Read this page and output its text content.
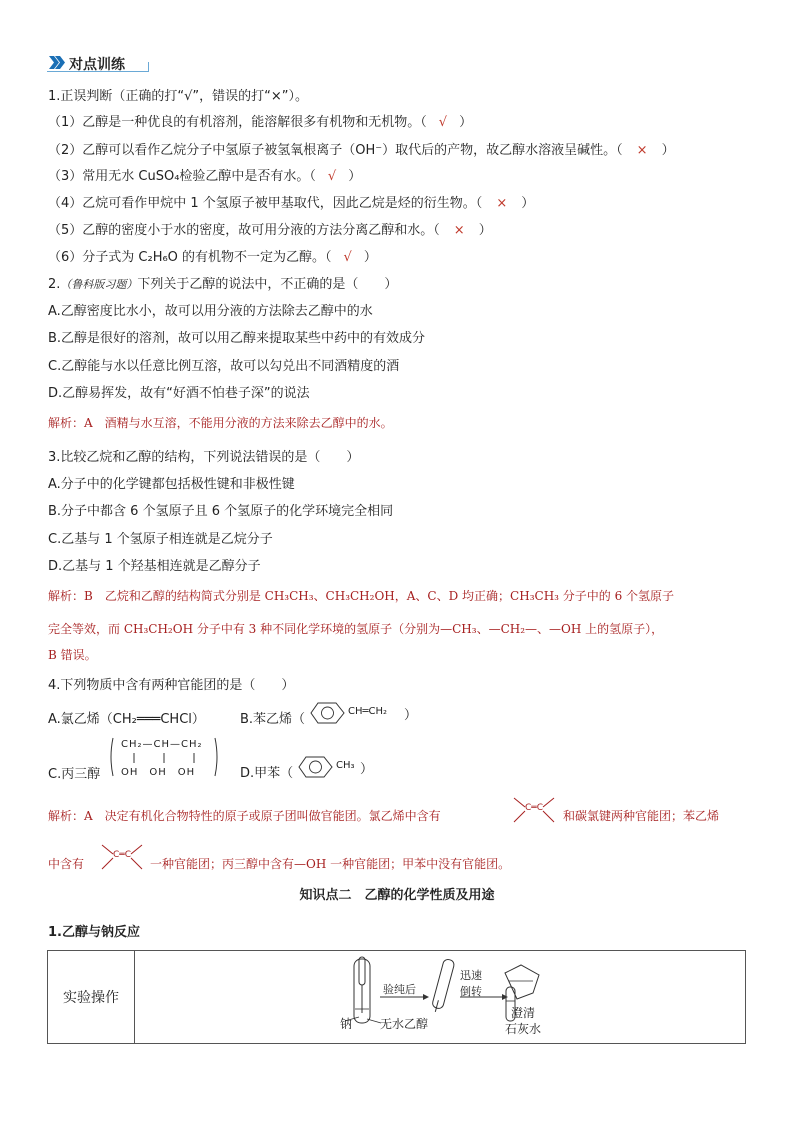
对点训练
1.正误判断（正确的打“√”，错误的打“×”）。
（1）乙醇是一种优良的有机溶剂，能溶解很多有机物和无机物。（ √ ）
（2）乙醇可以看作乙烷分子中氢原子被氢氧根离子（OH⁻）取代后的产物，故乙醇水溶液呈碱性。（ × ）
（3）常用无水 CuSO₄检验乙醇中是否有水。（ √ ）
（4）乙烷可看作甲烷中 1 个氢原子被甲基取代，因此乙烷是烃的衍生物。（ × ）
（5）乙醇的密度小于水的密度，故可用分液的方法分离乙醇和水。（ × ）
（6）分子式为 C₂H₆O 的有机物不一定为乙醇。（ √ ）
2.（鲁科版习题）下列关于乙醇的说法中，不正确的是（　　）
A.乙醇密度比水小，故可以用分液的方法除去乙醇中的水
B.乙醇是很好的溶剂，故可以用乙醇来提取某些中药中的有效成分
C.乙醇能与水以任意比例互溶，故可以勾兑出不同酒精度的酒
D.乙醇易挥发，故有“好酒不怕巷子深”的说法
解析：A　酒精与水互溶，不能用分液的方法来除去乙醇中的水。
3.比较乙烷和乙醇的结构，下列说法错误的是（　　）
A.分子中的化学键都包括极性键和非极性键
B.分子中都含 6 个氢原子且 6 个氢原子的化学环境完全相同
C.乙基与 1 个氢原子相连就是乙烷分子
D.乙基与 1 个羟基相连就是乙醇分子
解析：B　乙烷和乙醇的结构简式分别是 CH₃CH₃、CH₃CH₂OH，A、C、D 均正确；CH₃CH₃ 分子中的 6 个氢原子
完全等效，而 CH₃CH₂OH 分子中有 3 种不同化学环境的氢原子（分别为—CH₃、—CH₂—、—OH 上的氢原子），
B 错误。
4.下列物质中含有两种官能团的是（　　）
A.氯乙烯（CH₂═══CHCl）	B.苯乙烯（
CH═CH₂ ）
C.丙三醇
CH₂—CH—CH₂
OH　OH　OH	D.甲苯（
CH₃ ）
解析：A　决定有机化合物特性的原子或原子团叫做官能团。氯乙烯中含有
C═C
和碳氯键两种官能团；苯乙烯
中含有
C═C
一种官能团；丙三醇中含有—OH 一种官能团；甲苯中没有官能团。
知识点二　乙醇的化学性质及用途
1.乙醇与钠反应
实验操作	
钠 无水乙醇
验纯后
迅速
倒转
澄清
石灰水
